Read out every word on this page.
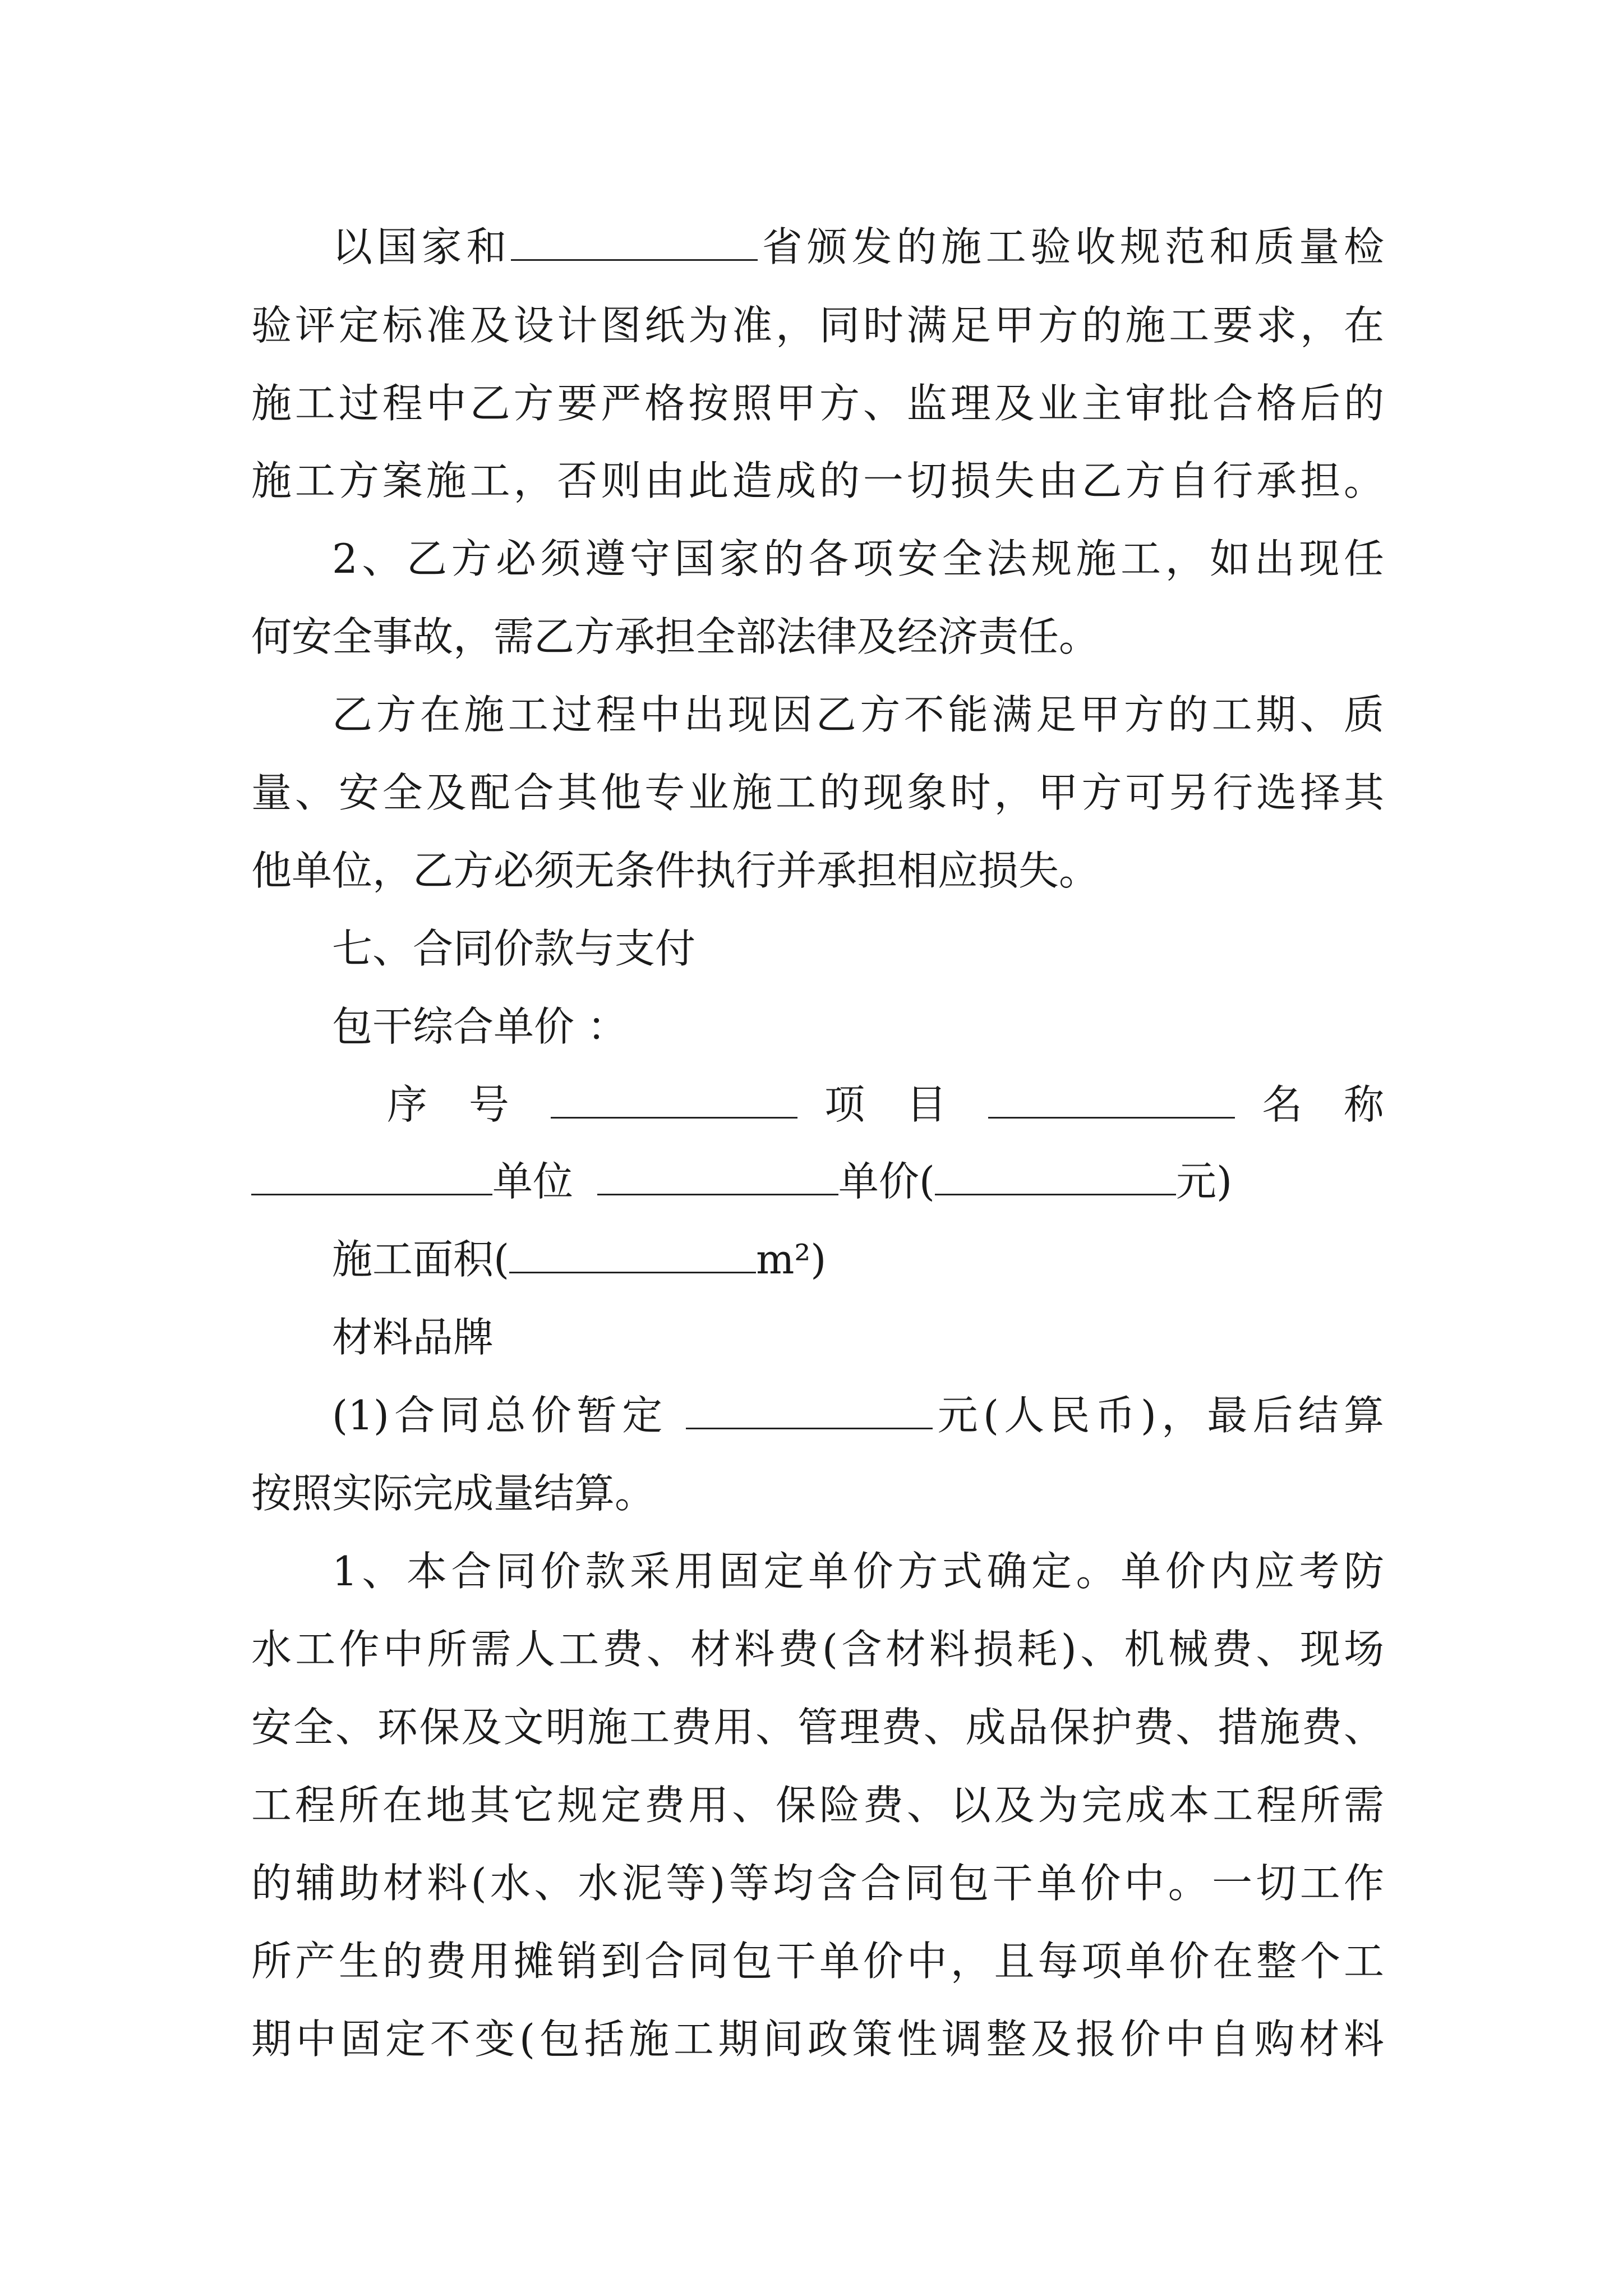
以国家和	省颁发的施工验收规范和质量检
验评定标准及设计图纸为准，同时满足甲方的施工要求，在
施工过程中乙方要严格按照甲方、监理及业主审批合格后的
施工方案施工，否则由此造成的一切损失由乙方自行承担。
2、乙方必须遵守国家的各项安全法规施工，如出现任
何安全事故，需乙方承担全部法律及经济责任。
乙方在施工过程中出现因乙方不能满足甲方的工期、质
量、安全及配合其他专业施工的现象时，甲方可另行选择其
他单位，乙方必须无条件执行并承担相应损失。
七、合同价款与支付
包干综合单价 ：
序 号	项 目	名 称
单位	单价(	元)
施工面积(	m²)
材料品牌
(1)合同总价暂定	元(人民币)，最后结算
按照实际完成量结算。
1、本合同价款采用固定单价方式确定。单价内应考防
水工作中所需人工费、材料费(含材料损耗)、机械费、现场
安全、环保及文明施工费用、管理费、成品保护费、措施费、
工程所在地其它规定费用、保险费、以及为完成本工程所需
的辅助材料(水、水泥等)等均含合同包干单价中。一切工作
所产生的费用摊销到合同包干单价中，且每项单价在整个工
期中固定不变(包括施工期间政策性调整及报价中自购材料
